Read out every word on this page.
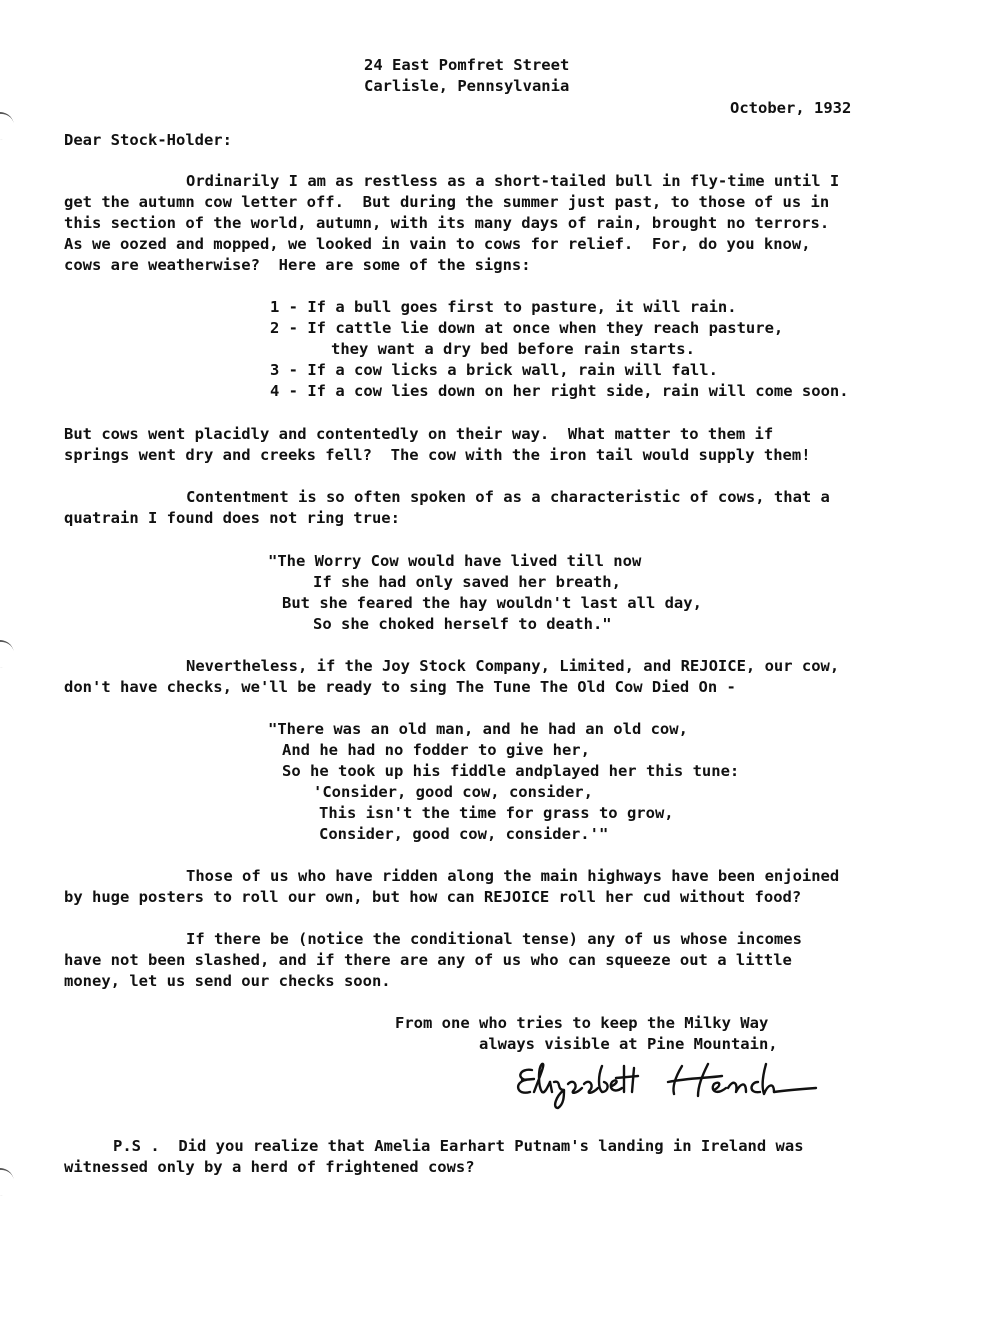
24 East Pomfret Street
Carlisle, Pennsylvania
October, 1932
Dear Stock-Holder:
Ordinarily I am as restless as a short-tailed bull in fly-time until I
get the autumn cow letter off.  But during the summer just past, to those of us in
this section of the world, autumn, with its many days of rain, brought no terrors.
As we oozed and mopped, we looked in vain to cows for relief.  For, do you know,
cows are weatherwise?  Here are some of the signs:
1 - If a bull goes first to pasture, it will rain.
2 - If cattle lie down at once when they reach pasture,
they want a dry bed before rain starts.
3 - If a cow licks a brick wall, rain will fall.
4 - If a cow lies down on her right side, rain will come soon.
But cows went placidly and contentedly on their way.  What matter to them if
springs went dry and creeks fell?  The cow with the iron tail would supply them!
Contentment is so often spoken of as a characteristic of cows, that a
quatrain I found does not ring true:
"The Worry Cow would have lived till now
If she had only saved her breath,
But she feared the hay wouldn't last all day,
So she choked herself to death."
Nevertheless, if the Joy Stock Company, Limited, and REJOICE, our cow,
don't have checks, we'll be ready to sing The Tune The Old Cow Died On -
"There was an old man, and he had an old cow,
And he had no fodder to give her,
So he took up his fiddle andplayed her this tune:
'Consider, good cow, consider,
This isn't the time for grass to grow,
Consider, good cow, consider.'"
Those of us who have ridden along the main highways have been enjoined
by huge posters to roll our own, but how can REJOICE roll her cud without food?
If there be (notice the conditional tense) any of us whose incomes
have not been slashed, and if there are any of us who can squeeze out a little
money, let us send our checks soon.
From one who tries to keep the Milky Way
always visible at Pine Mountain,
P.S .  Did you realize that Amelia Earhart Putnam's landing in Ireland was
witnessed only by a herd of frightened cows?
